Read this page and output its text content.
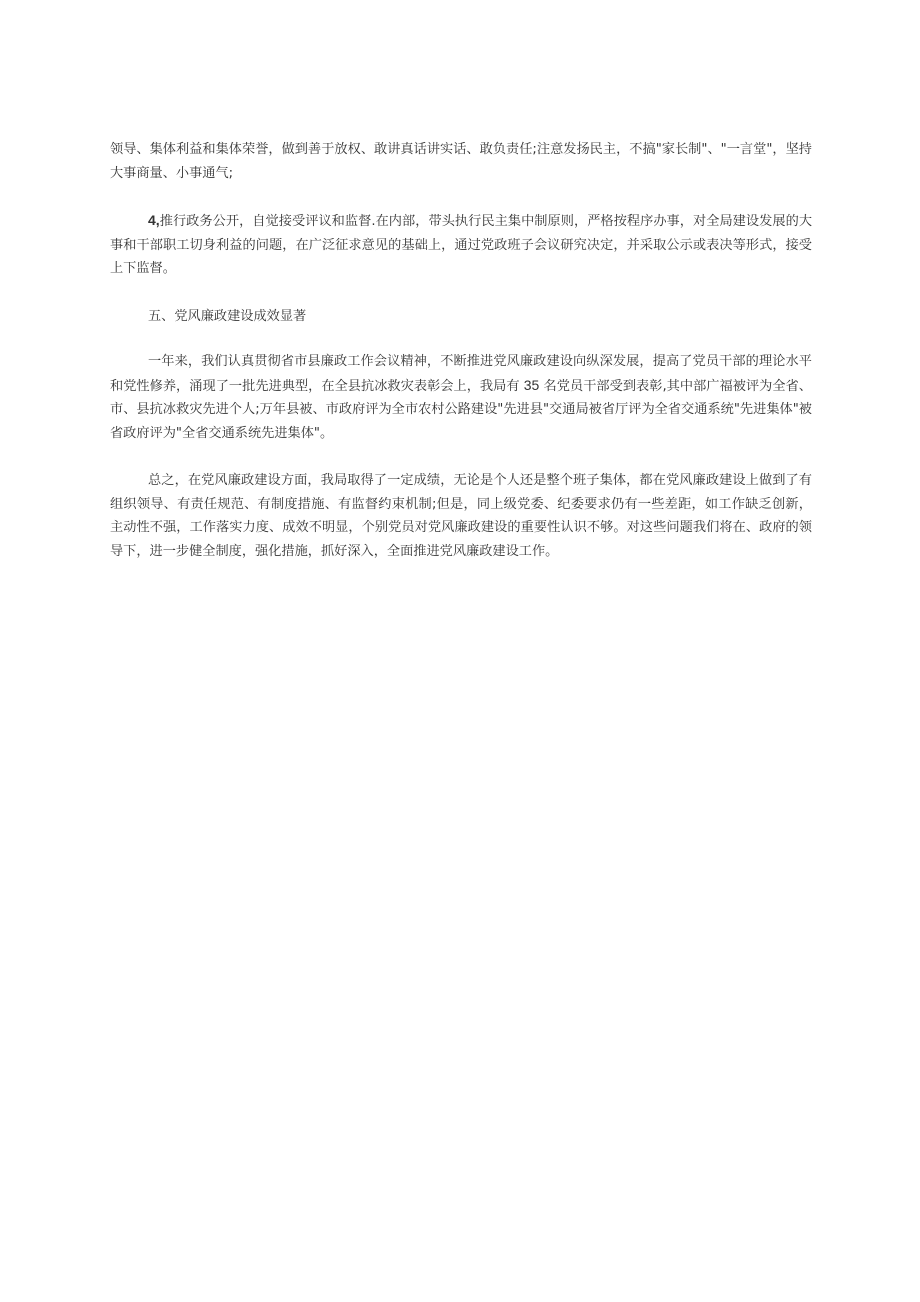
领导、集体利益和集体荣誉，做到善于放权、敢讲真话讲实话、敢负责任;注意发扬民主，不搞"家长制"、"一言堂"，坚持大事商量、小事通气;

4,推行政务公开，自觉接受评议和监督.在内部，带头执行民主集中制原则，严格按程序办事，对全局建设发展的大事和干部职工切身利益的问题，在广泛征求意见的基础上，通过党政班子会议研究决定，并采取公示或表决等形式，接受上下监督。

五、党风廉政建设成效显著

一年来，我们认真贯彻省市县廉政工作会议精神，不断推进党风廉政建设向纵深发展，提高了党员干部的理论水平和党性修养，涌现了一批先进典型，在全县抗冰救灾表彰会上，我局有 35 名党员干部受到表彰,其中部广福被评为全省、市、县抗冰救灾先进个人;万年县被、市政府评为全市农村公路建设"先进县"交通局被省厅评为全省交通系统"先进集体"被省政府评为"全省交通系统先进集体"。

总之，在党风廉政建设方面，我局取得了一定成绩，无论是个人还是整个班子集体，都在党风廉政建设上做到了有组织领导、有责任规范、有制度措施、有监督约束机制;但是，同上级党委、纪委要求仍有一些差距，如工作缺乏创新，主动性不强，工作落实力度、成效不明显，个别党员对党风廉政建设的重要性认识不够。对这些问题我们将在、政府的领导下，进一步健全制度，强化措施，抓好深入，全面推进党风廉政建设工作。
